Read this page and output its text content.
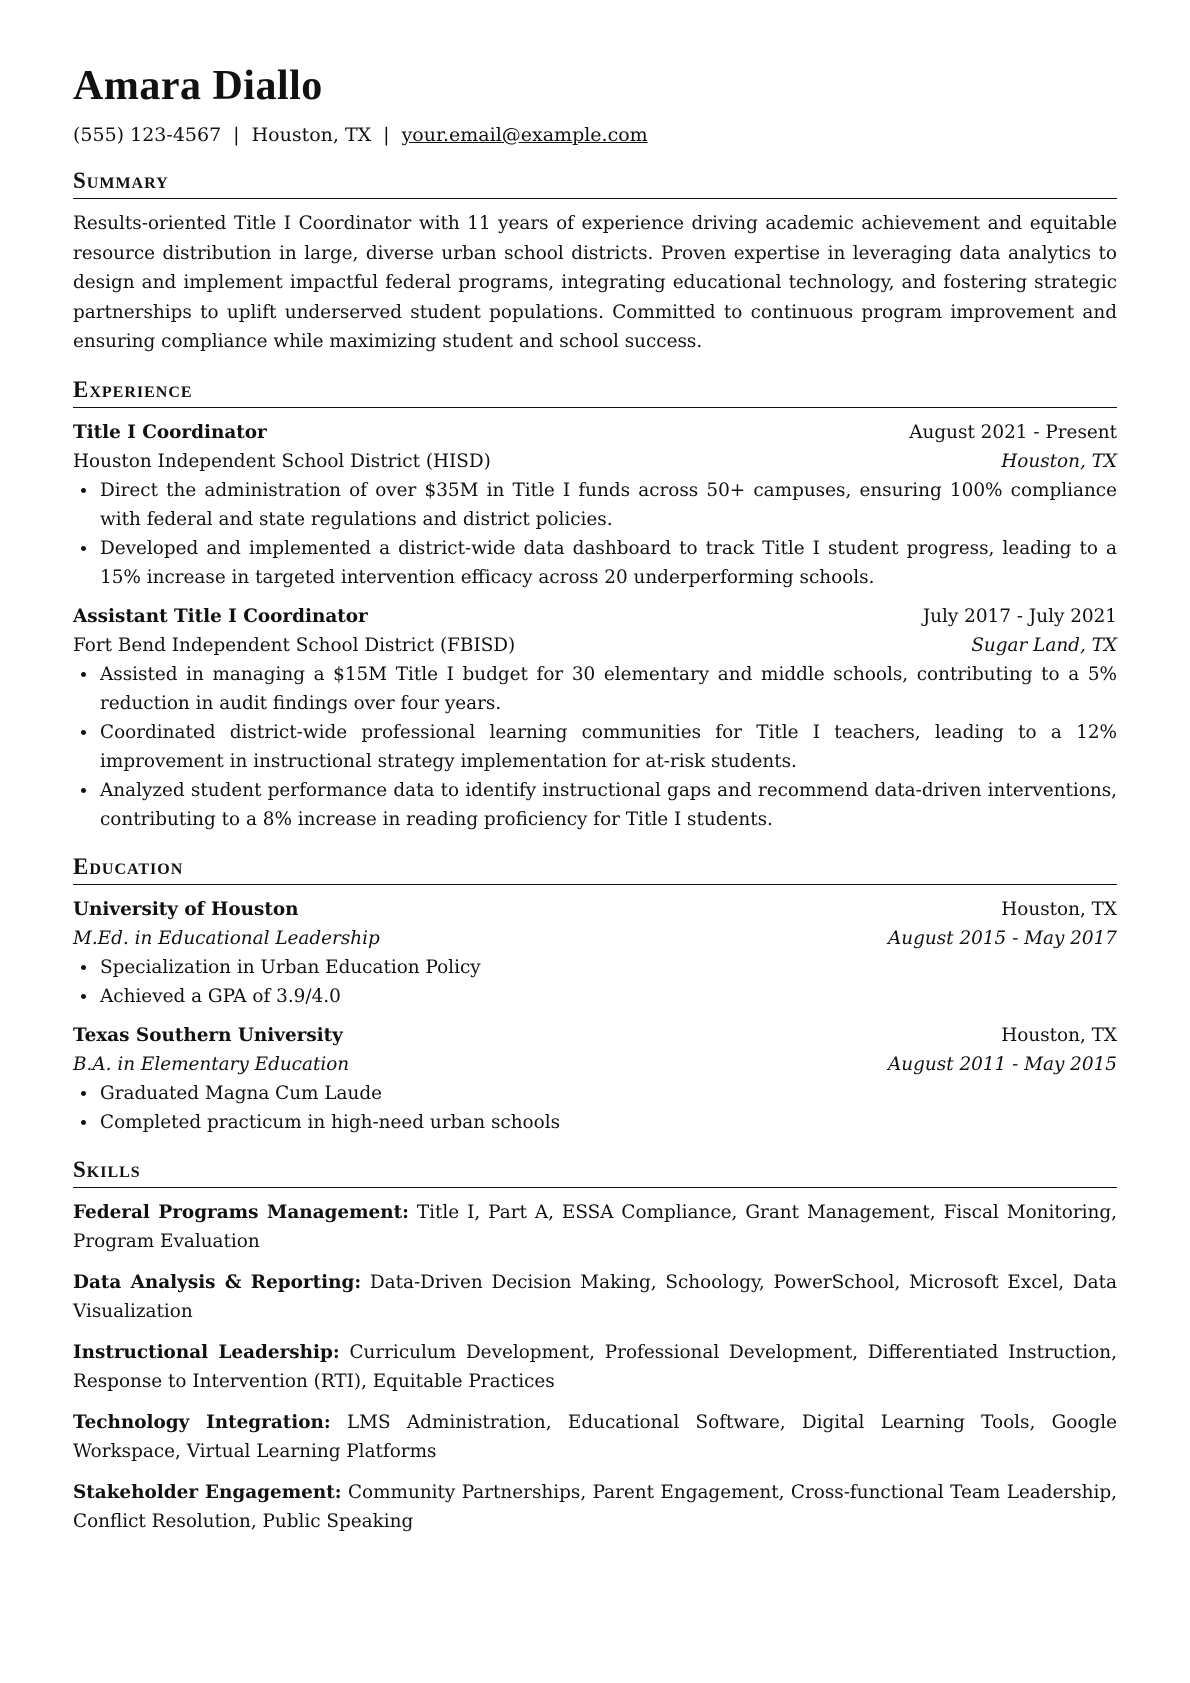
Amara Diallo
(555) 123-4567 | Houston, TX | your.email@example.com
Summary

Results-oriented Title I Coordinator with 11 years of experience driving academic achievement and equitable resource distribution in large, diverse urban school districts. Proven expertise in leveraging data analytics to design and implement impactful federal programs, integrating educational technology, and fostering strategic partnerships to uplift underserved student populations. Committed to continuous program improvement and ensuring compliance while maximizing student and school success.

Experience
Title I Coordinator	August 2021 - Present
Houston Independent School District (HISD)	Houston, TX
Direct the administration of over $35M in Title I funds across 50+ campuses, ensuring 100% compliance with federal and state regulations and district policies.
Developed and implemented a district-wide data dashboard to track Title I student progress, leading to a 15% increase in targeted intervention efficacy across 20 underperforming schools.
Assistant Title I Coordinator	July 2017 - July 2021
Fort Bend Independent School District (FBISD)	Sugar Land, TX
Assisted in managing a $15M Title I budget for 30 elementary and middle schools, contributing to a 5% reduction in audit findings over four years.
Coordinated district-wide professional learning communities for Title I teachers, leading to a 12% improvement in instructional strategy implementation for at-risk students.
Analyzed student performance data to identify instructional gaps and recommend data-driven interventions, contributing to a 8% increase in reading proficiency for Title I students.
Education
University of Houston	Houston, TX
M.Ed. in Educational Leadership	August 2015 - May 2017
Specialization in Urban Education Policy
Achieved a GPA of 3.9/4.0
Texas Southern University	Houston, TX
B.A. in Elementary Education	August 2011 - May 2015
Graduated Magna Cum Laude
Completed practicum in high-need urban schools
Skills
Federal Programs Management: Title I, Part A, ESSA Compliance, Grant Management, Fiscal Monitoring, Program Evaluation
Data Analysis & Reporting: Data-Driven Decision Making, Schoology, PowerSchool, Microsoft Excel, Data Visualization
Instructional Leadership: Curriculum Development, Professional Development, Differentiated Instruction, Response to Intervention (RTI), Equitable Practices
Technology Integration: LMS Administration, Educational Software, Digital Learning Tools, Google Workspace, Virtual Learning Platforms
Stakeholder Engagement: Community Partnerships, Parent Engagement, Cross-functional Team Leadership, Conflict Resolution, Public Speaking
